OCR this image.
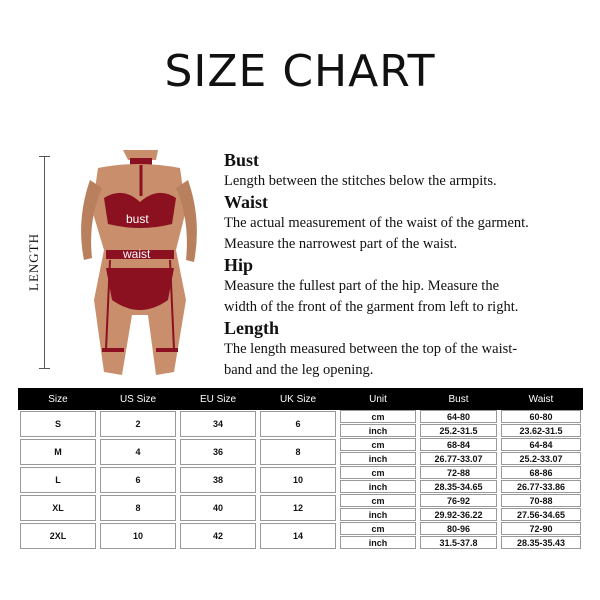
SIZE CHART
LENGTH
bust
waist
Bust

Length between the stitches below the armpits.

Waist

The actual measurement of the waist of the garment.

Measure the narrowest part of the waist.

Hip

Measure the fullest part of the hip. Measure the

width of the front of the garment from left to right.

Length

The length measured between the top of the waist-

band and the leg opening.

Size	US Size	EU Size	UK Size	Unit	Bust	Waist
S	2	34	6
cm	64-80	60-80
inch	25.2-31.5	23.62-31.5
M	4	36	8
cm	68-84	64-84
inch	26.77-33.07	25.2-33.07
L	6	38	10
cm	72-88	68-86
inch	28.35-34.65	26.77-33.86
XL	8	40	12
cm	76-92	70-88
inch	29.92-36.22	27.56-34.65
2XL	10	42	14
cm	80-96	72-90
inch	31.5-37.8	28.35-35.43
